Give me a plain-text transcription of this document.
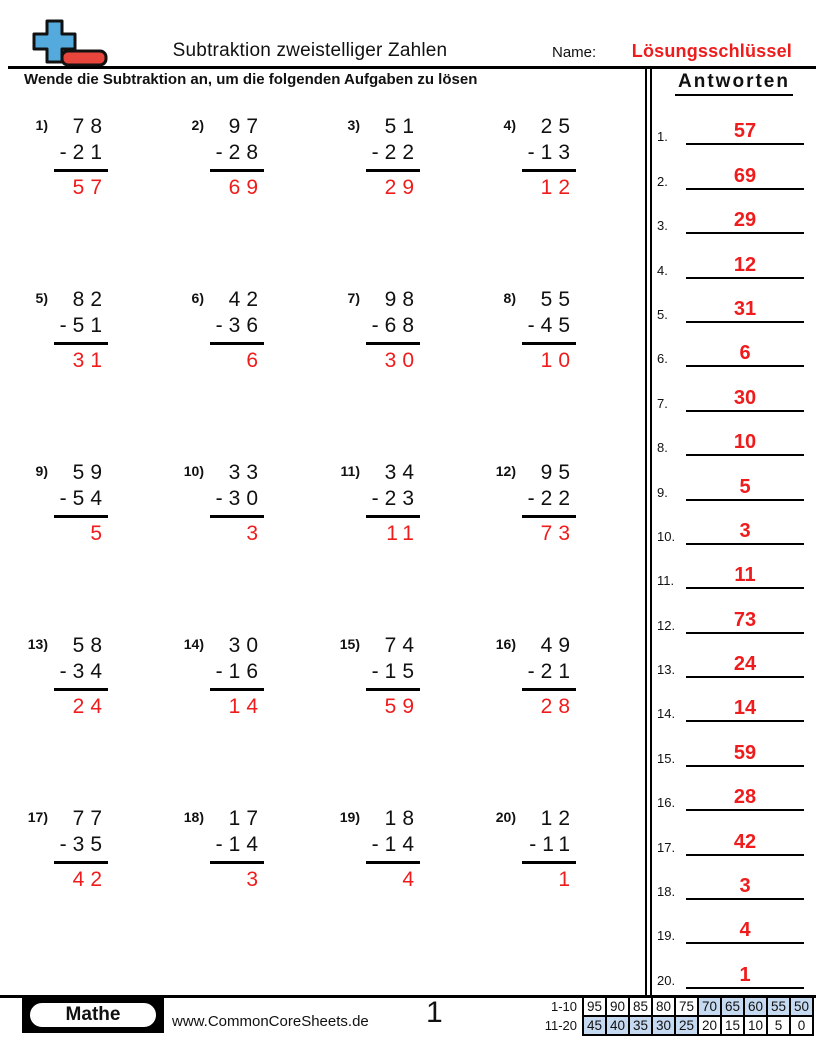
Subtraktion zweistelliger Zahlen	Name: Lösungsschlüssel
Wende die Subtraktion an, um die folgenden Aufgaben zu lösen
1)	78
-21
57
2)	97
-28
69
3)	51
-22
29
4)	25
-13
12
5)	82
-51
31
6)	42
-36
6
7)	98
-68
30
8)	55
-45
10
9)	59
-54
5
10)	33
-30
3
11)	34
-23
11
12)	95
-22
73
13)	58
-34
24
14)	30
-16
14
15)	74
-15
59
16)	49
-21
28
17)	77
-35
42
18)	17
-14
3
19)	18
-14
4
20)	12
-11
1
Antworten
1.	57
2.	69
3.	29
4.	12
5.	31
6.	6
7.	30
8.	10
9.	5
10.	3
11.	11
12.	73
13.	24
14.	14
15.	59
16.	28
17.	42
18.	3
19.	4
20.	1
Mathe	www.CommonCoreSheets.de 1	1-10	95	90	85	80	75	70	65	60	55	50
11-20	45	40	35	30	25	20	15	10	5	0
